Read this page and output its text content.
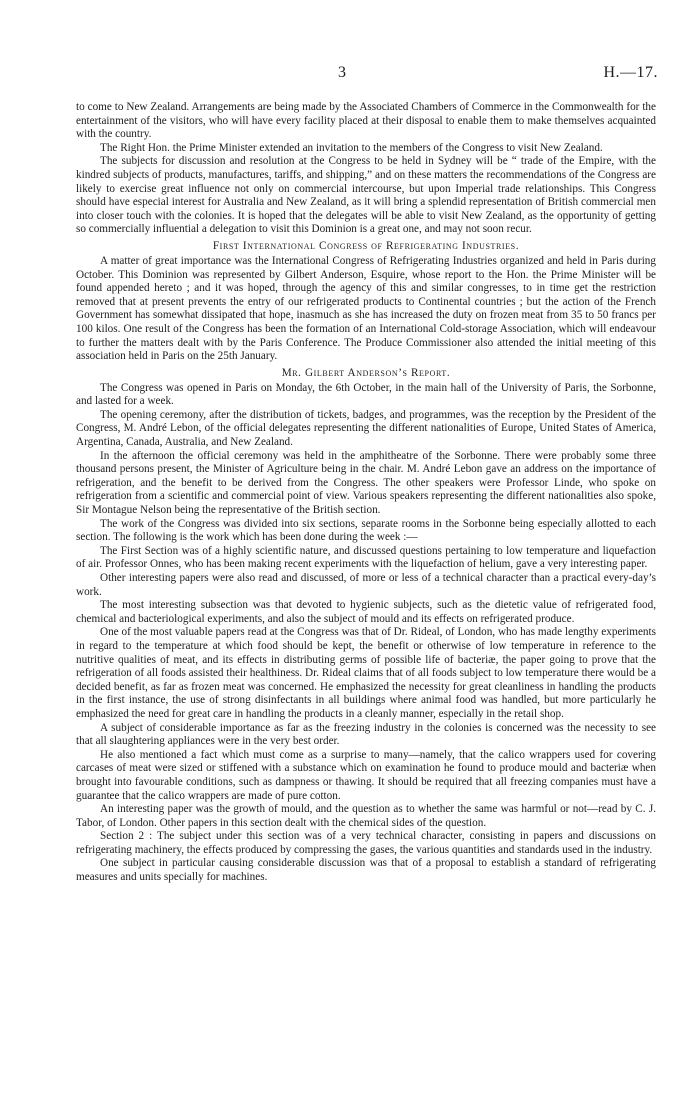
3	H.—17.

to come to New Zealand. Arrangements are being made by the Associated Chambers of Commerce in the Commonwealth for the entertainment of the visitors, who will have every facility placed at their disposal to enable them to make themselves acquainted with the country.

The Right Hon. the Prime Minister extended an invitation to the members of the Congress to visit New Zealand.

The subjects for discussion and resolution at the Congress to be held in Sydney will be “ trade of the Empire, with the kindred subjects of products, manufactures, tariffs, and shipping,” and on these matters the recommendations of the Congress are likely to exercise great influence not only on commercial intercourse, but upon Imperial trade relationships. This Congress should have especial interest for Australia and New Zealand, as it will bring a splendid representation of British commercial men into closer touch with the colonies. It is hoped that the delegates will be able to visit New Zealand, as the opportunity of getting so commercially influential a delegation to visit this Dominion is a great one, and may not soon recur.

First International Congress of Refrigerating Industries.

A matter of great importance was the International Congress of Refrigerating Industries organized and held in Paris during October. This Dominion was represented by Gilbert Anderson, Esquire, whose report to the Hon. the Prime Minister will be found appended hereto ; and it was hoped, through the agency of this and similar congresses, to in time get the restriction removed that at present prevents the entry of our refrigerated products to Continental countries ; but the action of the French Government has somewhat dissipated that hope, inasmuch as she has increased the duty on frozen meat from 35 to 50 francs per 100 kilos. One result of the Congress has been the formation of an International Cold-storage Association, which will endeavour to further the matters dealt with by the Paris Conference. The Produce Commissioner also attended the initial meeting of this association held in Paris on the 25th January.

Mr. Gilbert Anderson’s Report.

The Congress was opened in Paris on Monday, the 6th October, in the main hall of the University of Paris, the Sorbonne, and lasted for a week.

The opening ceremony, after the distribution of tickets, badges, and programmes, was the reception by the President of the Congress, M. André Lebon, of the official delegates representing the different nationalities of Europe, United States of America, Argentina, Canada, Australia, and New Zealand.

In the afternoon the official ceremony was held in the amphitheatre of the Sorbonne. There were probably some three thousand persons present, the Minister of Agriculture being in the chair. M. André Lebon gave an address on the importance of refrigeration, and the benefit to be derived from the Congress. The other speakers were Professor Linde, who spoke on refrigeration from a scientific and commercial point of view. Various speakers representing the different nationalities also spoke, Sir Montague Nelson being the representative of the British section.

The work of the Congress was divided into six sections, separate rooms in the Sorbonne being especially allotted to each section. The following is the work which has been done during the week :—

The First Section was of a highly scientific nature, and discussed questions pertaining to low temperature and liquefaction of air. Professor Onnes, who has been making recent experiments with the liquefaction of helium, gave a very interesting paper.

Other interesting papers were also read and discussed, of more or less of a technical character than a practical every-day’s work.

The most interesting subsection was that devoted to hygienic subjects, such as the dietetic value of refrigerated food, chemical and bacteriological experiments, and also the subject of mould and its effects on refrigerated produce.

One of the most valuable papers read at the Congress was that of Dr. Rideal, of London, who has made lengthy experiments in regard to the temperature at which food should be kept, the benefit or otherwise of low temperature in reference to the nutritive qualities of meat, and its effects in distributing germs of possible life of bacteriæ, the paper going to prove that the refrigeration of all foods assisted their healthiness. Dr. Rideal claims that of all foods subject to low temperature there would be a decided benefit, as far as frozen meat was concerned. He emphasized the necessity for great cleanliness in handling the products in the first instance, the use of strong disinfectants in all buildings where animal food was handled, but more particularly he emphasized the need for great care in handling the products in a cleanly manner, especially in the retail shop.

A subject of considerable importance as far as the freezing industry in the colonies is concerned was the necessity to see that all slaughtering appliances were in the very best order.

He also mentioned a fact which must come as a surprise to many—namely, that the calico wrappers used for covering carcases of meat were sized or stiffened with a substance which on examination he found to produce mould and bacteriæ when brought into favourable conditions, such as dampness or thawing. It should be required that all freezing companies must have a guarantee that the calico wrappers are made of pure cotton.

An interesting paper was the growth of mould, and the question as to whether the same was harmful or not—read by C. J. Tabor, of London. Other papers in this section dealt with the chemical sides of the question.

Section 2 : The subject under this section was of a very technical character, consisting in papers and discussions on refrigerating machinery, the effects produced by compressing the gases, the various quantities and standards used in the industry.

One subject in particular causing considerable discussion was that of a proposal to establish a standard of refrigerating measures and units specially for machines.
